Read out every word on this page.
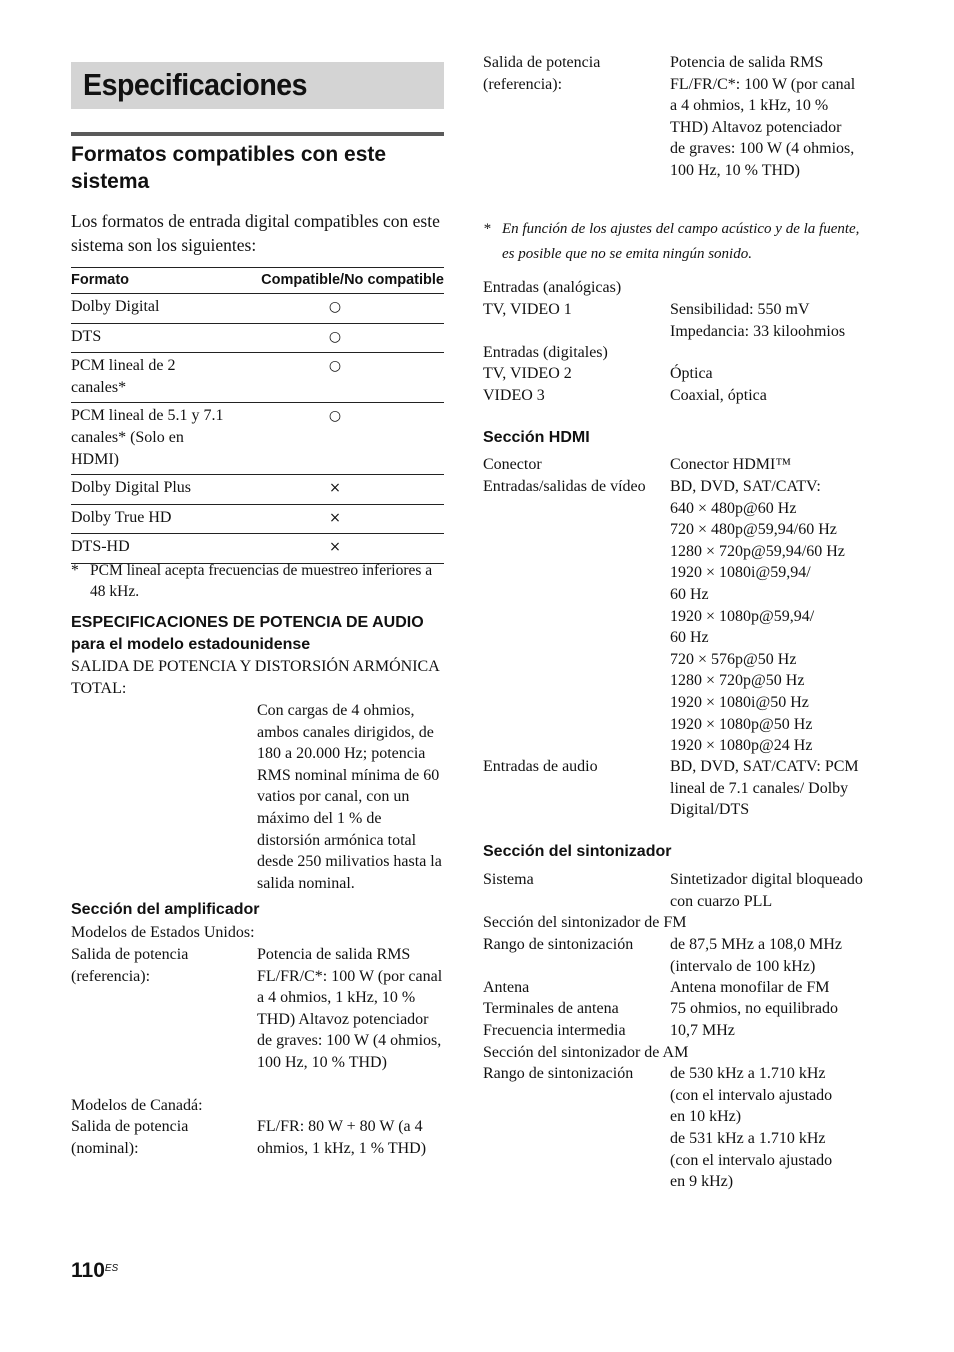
Especificaciones
Formatos compatibles con este sistema
Los formatos de entrada digital compatibles con este sistema son los siguientes:
Formato	Compatible/No compatible
Dolby Digital	○
DTS	○
PCM lineal de 2 canales*	○
PCM lineal de 5.1 y 7.1 canales* (Solo en HDMI)	○
Dolby Digital Plus	×
Dolby True HD	×
DTS-HD	×
* PCM lineal acepta frecuencias de muestreo inferiores a 48 kHz.
ESPECIFICACIONES DE POTENCIA DE AUDIO para el modelo estadounidense
SALIDA DE POTENCIA Y DISTORSIÓN ARMÓNICA TOTAL:
Con cargas de 4 ohmios, ambos canales dirigidos, de 180 a 20.000 Hz; potencia RMS nominal mínima de 60 vatios por canal, con un máximo del 1 % de distorsión armónica total desde 250 milivatios hasta la salida nominal.
Sección del amplificador
Modelos de Estados Unidos:
Salida de potencia (referencia):
Potencia de salida RMS FL/FR/C*: 100 W (por canal a 4 ohmios, 1 kHz, 10 % THD) Altavoz potenciador de graves: 100 W (4 ohmios, 100 Hz, 10 % THD)
Modelos de Canadá:
Salida de potencia (nominal):
FL/FR: 80 W + 80 W (a 4 ohmios, 1 kHz, 1 % THD)
$110^{ES}$
Salida de potencia (referencia):
Potencia de salida RMS FL/FR/C*: 100 W (por canal a 4 ohmios, 1 kHz, 10 % THD) Altavoz potenciador de graves: 100 W (4 ohmios, 100 Hz, 10 % THD)
* En función de los ajustes del campo acústico y de la fuente, es posible que no se emita ningún sonido.
Entradas (analógicas)
TV, VIDEO 1	Sensibilidad: 550 mV Impedancia: 33 kiloohmios
Entradas (digitales)
TV, VIDEO 2	Óptica
VIDEO 3	Coaxial, óptica
Sección HDMI
Conector	Conector HDMI™
Entradas/salidas de vídeo	BD, DVD, SAT/CATV:
640 × 480p@60 Hz
720 × 480p@59,94/60 Hz
1280 × 720p@59,94/60 Hz
1920 × 1080i@59,94/
60 Hz
1920 × 1080p@59,94/
60 Hz
720 × 576p@50 Hz
1280 × 720p@50 Hz
1920 × 1080i@50 Hz
1920 × 1080p@50 Hz
1920 × 1080p@24 Hz
Entradas de audio	BD, DVD, SAT/CATV: PCM lineal de 7.1 canales/ Dolby Digital/DTS
Sección del sintonizador
Sistema	Sintetizador digital bloqueado con cuarzo PLL
Sección del sintonizador de FM
Rango de sintonización	de 87,5 MHz a 108,0 MHz (intervalo de 100 kHz)
Antena	Antena monofilar de FM
Terminales de antena	75 ohmios, no equilibrado
Frecuencia intermedia	10,7 MHz
Sección del sintonizador de AM
Rango de sintonización	de 530 kHz a 1.710 kHz (con el intervalo ajustado en 10 kHz)
de 531 kHz a 1.710 kHz (con el intervalo ajustado en 9 kHz)
